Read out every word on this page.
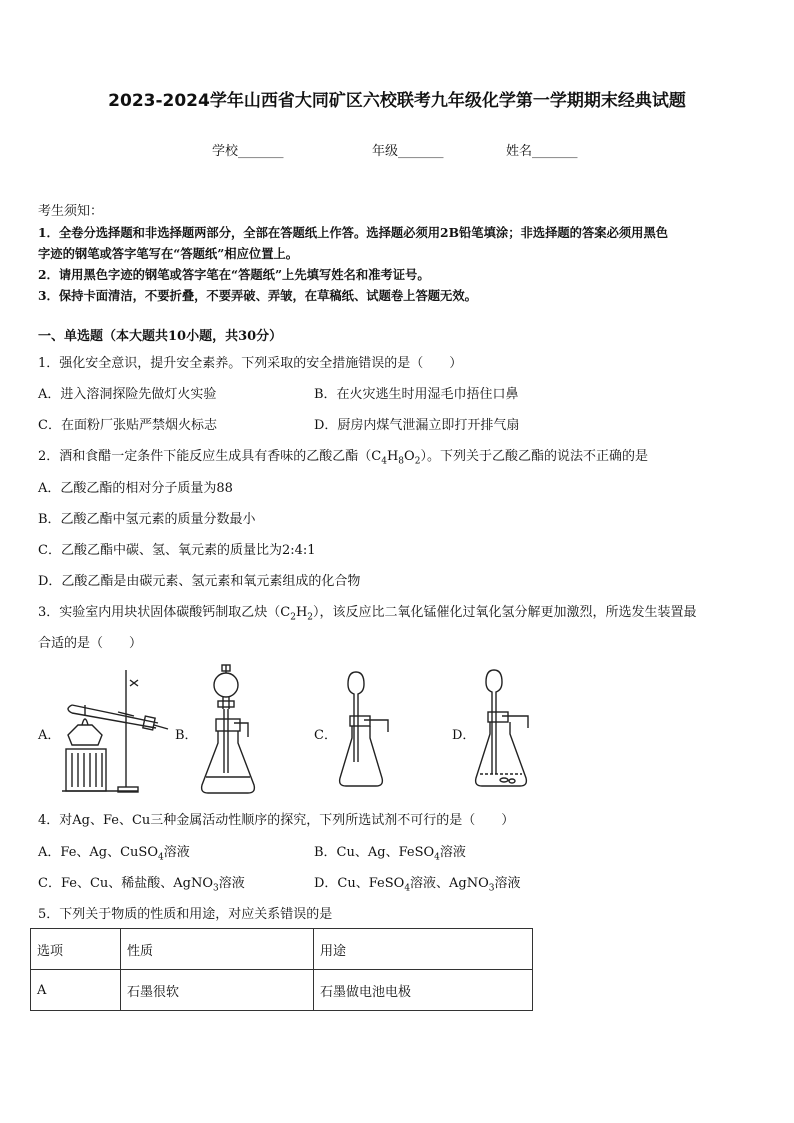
2023-2024学年山西省大同矿区六校联考九年级化学第一学期期末经典试题
学校_______	年级_______	姓名_______
考生须知：
1．全卷分选择题和非选择题两部分，全部在答题纸上作答。选择题必须用2B铅笔填涂；非选择题的答案必须用黑色
字迹的钢笔或答字笔写在“答题纸”相应位置上。
2．请用黑色字迹的钢笔或答字笔在“答题纸”上先填写姓名和准考证号。
3．保持卡面清洁，不要折叠，不要弄破、弄皱，在草稿纸、试题卷上答题无效。
一、单选题（本大题共10小题，共30分）
1．强化安全意识，提升安全素养。下列采取的安全措施错误的是（　　）
A．进入溶洞探险先做灯火实验	B．在火灾逃生时用湿毛巾捂住口鼻
C．在面粉厂张贴严禁烟火标志	D．厨房内煤气泄漏立即打开排气扇
2．酒和食醋一定条件下能反应生成具有香味的乙酸乙酯$(C_4H_8O_2)$。下列关于乙酸乙酯的说法不正确的是
A．乙酸乙酯的相对分子质量为88
B．乙酸乙酯中氢元素的质量分数最小
C．乙酸乙酯中碳、氢、氧元素的质量比为2:4:1
D．乙酸乙酯是由碳元素、氢元素和氧元素组成的化合物
3．实验室内用块状固体碳酸钙制取乙炔$(C_2H_2)$，该反应比二氧化锰催化过氧化氢分解更加激烈，所选发生装置最
合适的是（　　）
A．	B．	C．	D．
4．对Ag、Fe、Cu三种金属活动性顺序的探究，下列所选试剂不可行的是（　　）
A．Fe、Ag、CuSO$_4$溶液	B．Cu、Ag、FeSO$_4$溶液
C．Fe、Cu、稀盐酸、AgNO$_3$溶液	D．Cu、FeSO$_4$溶液、AgNO$_3$溶液
5．下列关于物质的性质和用途，对应关系错误的是
选项	性质	用途
A	石墨很软	石墨做电池电极
